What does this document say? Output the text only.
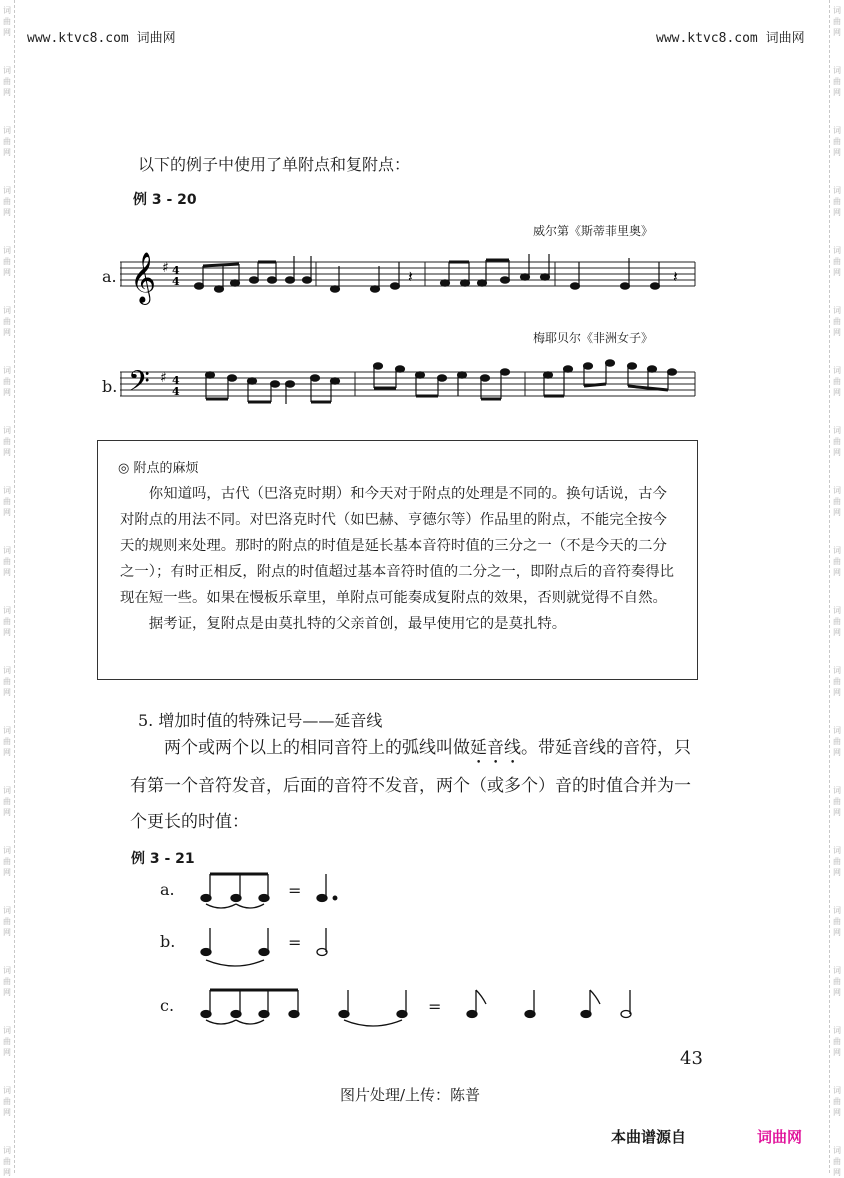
词
曲
网
词
曲
网
词
曲
网
词
曲
网
词
曲
网
词
曲
网
词
曲
网
词
曲
网
词
曲
网
词
曲
网
词
曲
网
词
曲
网
词
曲
网
词
曲
网
词
曲
网
词
曲
网
词
曲
网
词
曲
网
词
曲
网
词
曲
网
词
曲
网
词
曲
网
词
曲
网
词
曲
网
词
曲
网
词
曲
网
词
曲
网
词
曲
网
词
曲
网
词
曲
网
词
曲
网
词
曲
网
词
曲
网
词
曲
网
词
曲
网
词
曲
网
词
曲
网
词
曲
网
词
曲
网
词
曲
网
www.ktvc8.com 词曲网	www.ktvc8.com 词曲网
以下的例子中使用了单附点和复附点：
例 3 - 20
威尔第《斯蒂菲里奥》
a. 𝄞 ♯ 4
4	𝄽	𝄽
梅耶贝尔《非洲女子》
b. 𝄢 ♯ 4
4
◎ 附点的麻烦

你知道吗，古代（巴洛克时期）和今天对于附点的处理是不同的。换句话说，古今对附点的用法不同。对巴洛克时代（如巴赫、亨德尔等）作品里的附点，不能完全按今天的规则来处理。那时的附点的时值是延长基本音符时值的三分之一（不是今天的二分之一）；有时正相反，附点的时值超过基本音符时值的二分之一，即附点后的音符奏得比现在短一些。如果在慢板乐章里，单附点可能奏成复附点的效果，否则就觉得不自然。

据考证，复附点是由莫扎特的父亲首创，最早使用它的是莫扎特。

5. 增加时值的特殊记号——延音线
两个或两个以上的相同音符上的弧线叫做延音线。带延音线的音符，只有第一个音符发音，后面的音符不发音，两个（或多个）音的时值合并为一个更长的时值：
例 3 - 21
a.
b.
c.
=
=
=
43
图片处理/上传：陈普
本曲谱源自	词曲网
